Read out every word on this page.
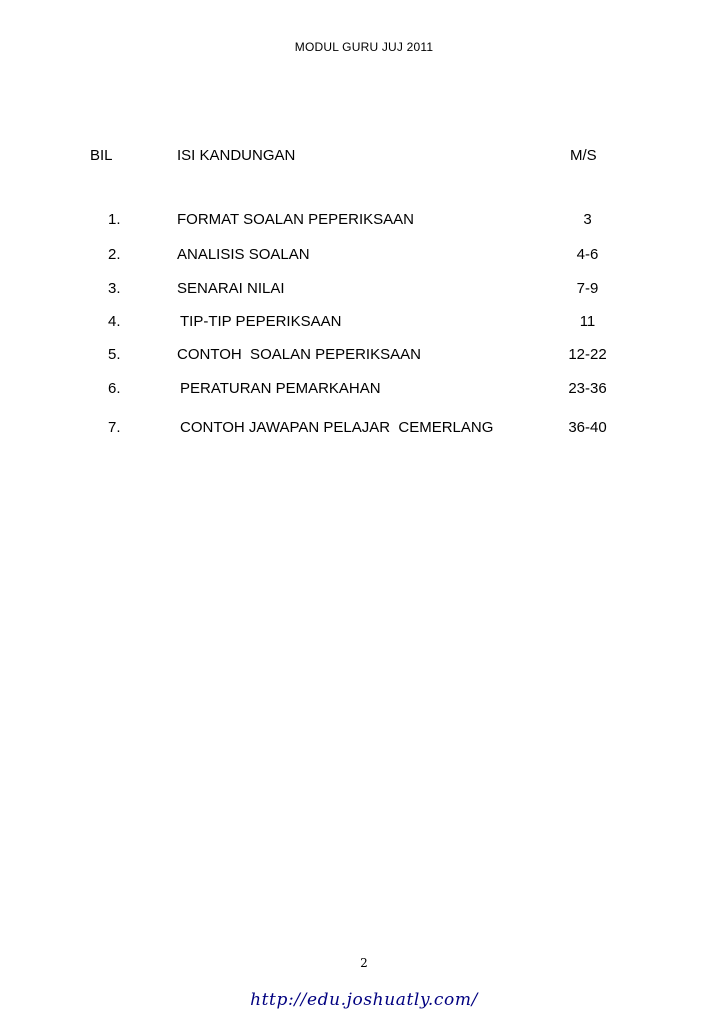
MODUL GURU JUJ 2011
BIL	ISI KANDUNGAN	M/S
1.	FORMAT SOALAN PEPERIKSAAN	3
2.	ANALISIS SOALAN	4-6
3.	SENARAI NILAI	7-9
4.	TIP-TIP PEPERIKSAAN	11
5.	CONTOH  SOALAN PEPERIKSAAN	12-22
6.	PERATURAN PEMARKAHAN	23-36
7.	CONTOH JAWAPAN PELAJAR  CEMERLANG	36-40
2
http://edu.joshuatly.com/
